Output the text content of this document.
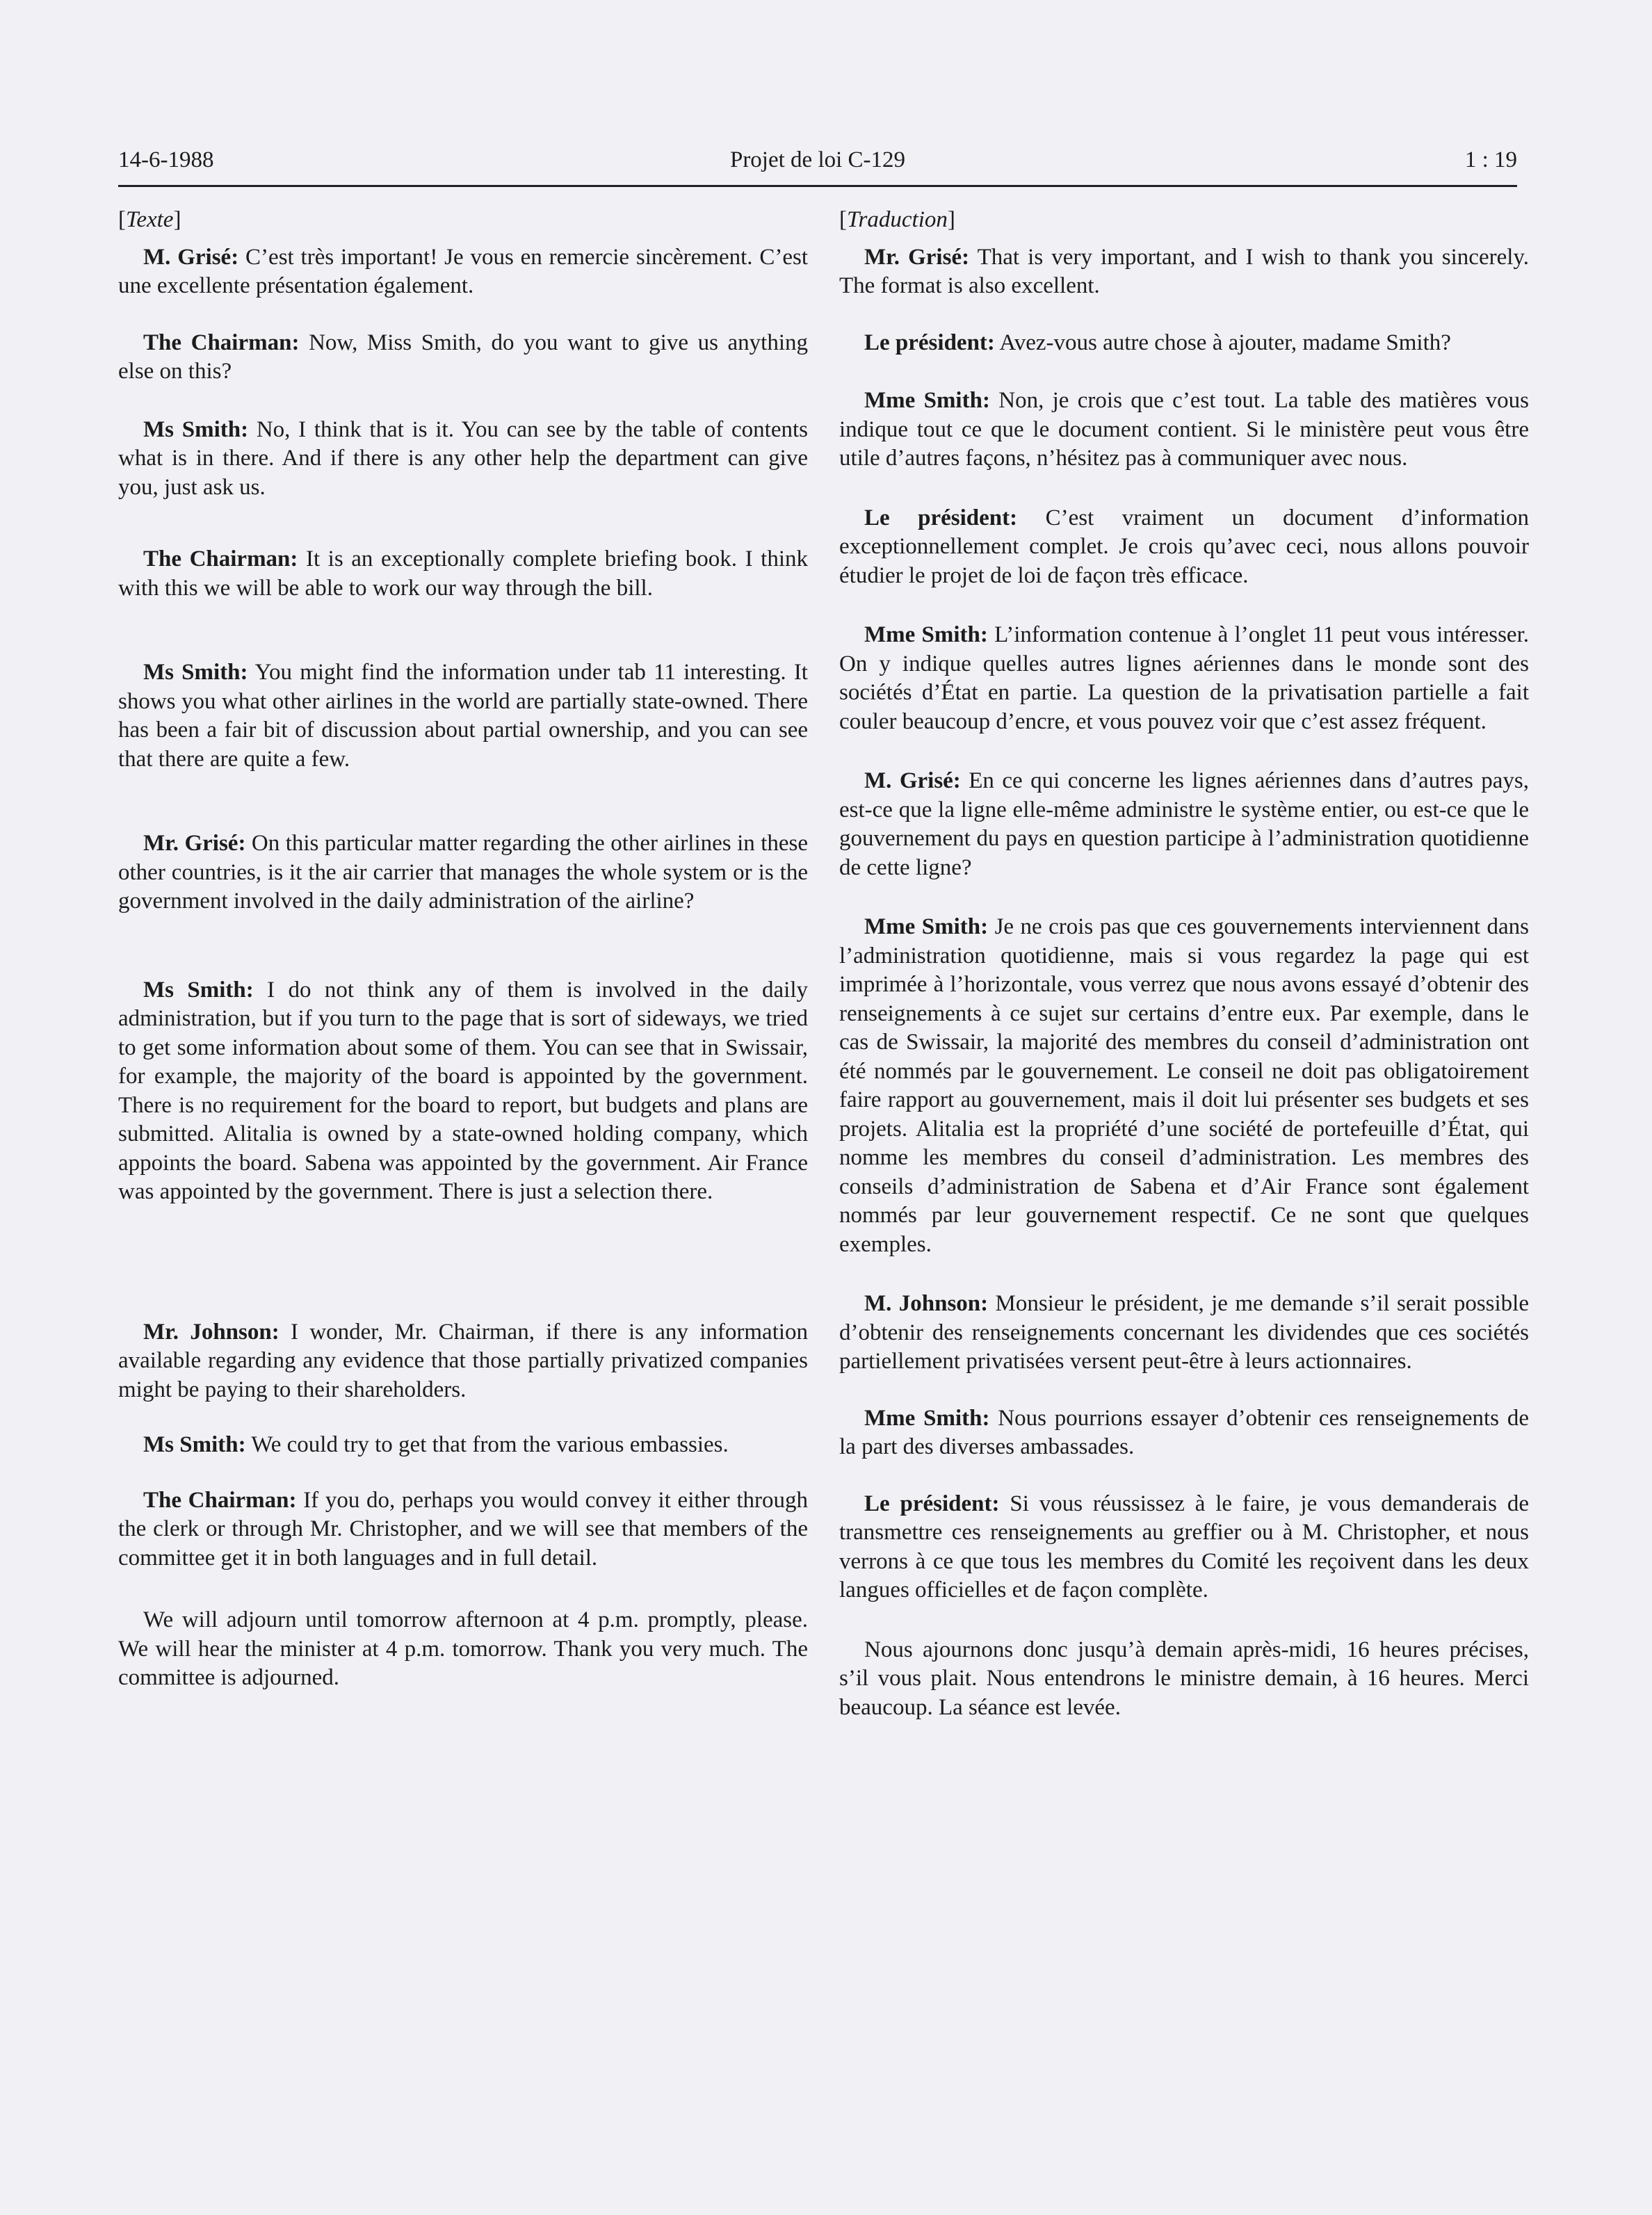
14-6-1988	Projet de loi C-129	1 : 19
[Texte]

M. Grisé: C’est très important! Je vous en remercie sincèrement. C’est une excellente présentation également.

The Chairman: Now, Miss Smith, do you want to give us anything else on this?

Ms Smith: No, I think that is it. You can see by the table of contents what is in there. And if there is any other help the department can give you, just ask us.

The Chairman: It is an exceptionally complete briefing book. I think with this we will be able to work our way through the bill.

Ms Smith: You might find the information under tab 11 interesting. It shows you what other airlines in the world are partially state-owned. There has been a fair bit of discussion about partial ownership, and you can see that there are quite a few.

Mr. Grisé: On this particular matter regarding the other airlines in these other countries, is it the air carrier that manages the whole system or is the government involved in the daily administration of the airline?

Ms Smith: I do not think any of them is involved in the daily administration, but if you turn to the page that is sort of sideways, we tried to get some information about some of them. You can see that in Swissair, for example, the majority of the board is appointed by the government. There is no requirement for the board to report, but budgets and plans are submitted. Alitalia is owned by a state-owned holding company, which appoints the board. Sabena was appointed by the government. Air France was appointed by the government. There is just a selection there.

Mr. Johnson: I wonder, Mr. Chairman, if there is any information available regarding any evidence that those partially privatized companies might be paying to their shareholders.

Ms Smith: We could try to get that from the various embassies.

The Chairman: If you do, perhaps you would convey it either through the clerk or through Mr. Christopher, and we will see that members of the committee get it in both languages and in full detail.

We will adjourn until tomorrow afternoon at 4 p.m. promptly, please. We will hear the minister at 4 p.m. tomorrow. Thank you very much. The committee is adjourned.

[Traduction]

Mr. Grisé: That is very important, and I wish to thank you sincerely. The format is also excellent.

Le président: Avez-vous autre chose à ajouter, madame Smith?

Mme Smith: Non, je crois que c’est tout. La table des matières vous indique tout ce que le document contient. Si le ministère peut vous être utile d’autres façons, n’hésitez pas à communiquer avec nous.

Le président: C’est vraiment un document d’information exceptionnellement complet. Je crois qu’avec ceci, nous allons pouvoir étudier le projet de loi de façon très efficace.

Mme Smith: L’information contenue à l’onglet 11 peut vous intéresser. On y indique quelles autres lignes aériennes dans le monde sont des sociétés d’État en partie. La question de la privatisation partielle a fait couler beaucoup d’encre, et vous pouvez voir que c’est assez fréquent.

M. Grisé: En ce qui concerne les lignes aériennes dans d’autres pays, est-ce que la ligne elle-même administre le système entier, ou est-ce que le gouvernement du pays en question participe à l’administration quotidienne de cette ligne?

Mme Smith: Je ne crois pas que ces gouvernements interviennent dans l’administration quotidienne, mais si vous regardez la page qui est imprimée à l’horizontale, vous verrez que nous avons essayé d’obtenir des renseignements à ce sujet sur certains d’entre eux. Par exemple, dans le cas de Swissair, la majorité des membres du conseil d’administration ont été nommés par le gouvernement. Le conseil ne doit pas obligatoirement faire rapport au gouvernement, mais il doit lui présenter ses budgets et ses projets. Alitalia est la propriété d’une société de portefeuille d’État, qui nomme les membres du conseil d’administration. Les membres des conseils d’administration de Sabena et d’Air France sont également nommés par leur gouvernement respectif. Ce ne sont que quelques exemples.

M. Johnson: Monsieur le président, je me demande s’il serait possible d’obtenir des renseignements concernant les dividendes que ces sociétés partiellement privatisées versent peut-être à leurs actionnaires.

Mme Smith: Nous pourrions essayer d’obtenir ces renseignements de la part des diverses ambassades.

Le président: Si vous réussissez à le faire, je vous demanderais de transmettre ces renseignements au greffier ou à M. Christopher, et nous verrons à ce que tous les membres du Comité les reçoivent dans les deux langues officielles et de façon complète.

Nous ajournons donc jusqu’à demain après-midi, 16 heures précises, s’il vous plait. Nous entendrons le ministre demain, à 16 heures. Merci beaucoup. La séance est levée.
